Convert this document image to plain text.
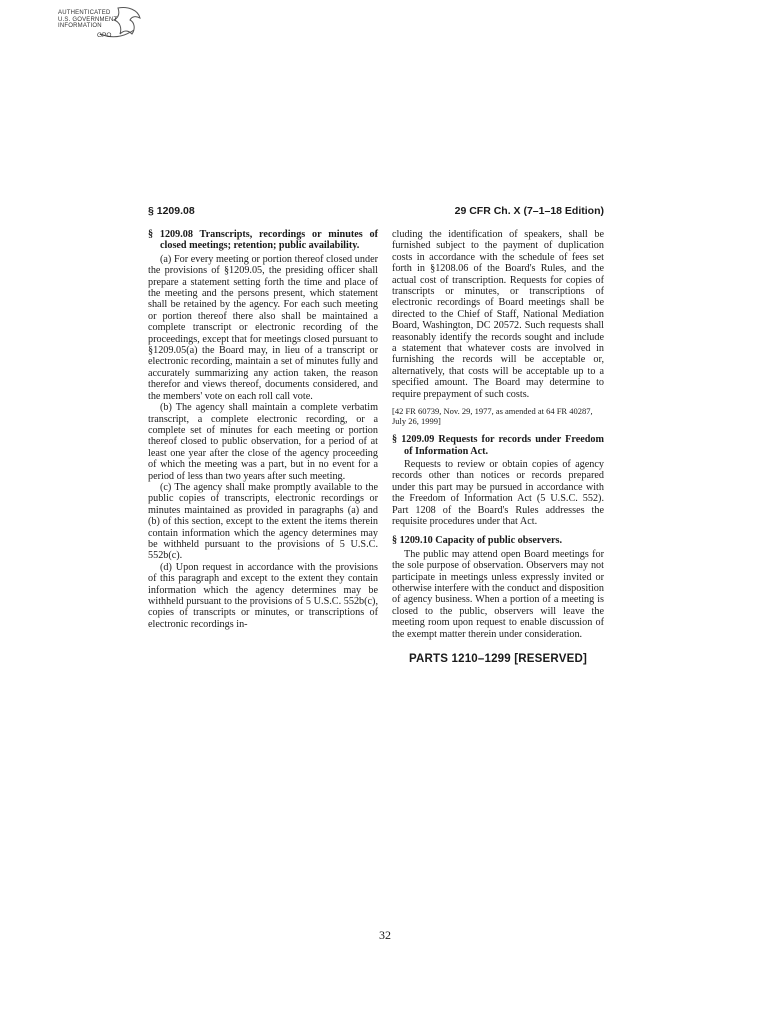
AUTHENTICATED
U.S. GOVERNMENT
INFORMATION
GPO
§ 1209.08	29 CFR Ch. X (7–1–18 Edition)

§ 1209.08 Transcripts, recordings or minutes of closed meetings; retention; public availability.

(a) For every meeting or portion thereof closed under the provisions of §1209.05, the presiding officer shall prepare a statement setting forth the time and place of the meeting and the persons present, which statement shall be retained by the agency. For each such meeting or portion thereof there also shall be maintained a complete transcript or electronic recording of the proceedings, except that for meetings closed pursuant to §1209.05(a) the Board may, in lieu of a transcript or electronic recording, maintain a set of minutes fully and accurately summarizing any action taken, the reason therefor and views thereof, documents considered, and the members' vote on each roll call vote.

(b) The agency shall maintain a complete verbatim transcript, a complete electronic recording, or a complete set of minutes for each meeting or portion thereof closed to public observation, for a period of at least one year after the close of the agency proceeding of which the meeting was a part, but in no event for a period of less than two years after such meeting.

(c) The agency shall make promptly available to the public copies of transcripts, electronic recordings or minutes maintained as provided in paragraphs (a) and (b) of this section, except to the extent the items therein contain information which the agency determines may be withheld pursuant to the provisions of 5 U.S.C. 552b(c).

(d) Upon request in accordance with the provisions of this paragraph and except to the extent they contain information which the agency determines may be withheld pursuant to the provisions of 5 U.S.C. 552b(c), copies of transcripts or minutes, or transcriptions of electronic recordings in-

cluding the identification of speakers, shall be furnished subject to the payment of duplication costs in accordance with the schedule of fees set forth in §1208.06 of the Board's Rules, and the actual cost of transcription. Requests for copies of transcripts or minutes, or transcriptions of electronic recordings of Board meetings shall be directed to the Chief of Staff, National Mediation Board, Washington, DC 20572. Such requests shall reasonably identify the records sought and include a statement that whatever costs are involved in furnishing the records will be acceptable or, alternatively, that costs will be acceptable up to a specified amount. The Board may determine to require prepayment of such costs.

[42 FR 60739, Nov. 29, 1977, as amended at 64 FR 40287, July 26, 1999]

§ 1209.09 Requests for records under Freedom of Information Act.

Requests to review or obtain copies of agency records other than notices or records prepared under this part may be pursued in accordance with the Freedom of Information Act (5 U.S.C. 552). Part 1208 of the Board's Rules addresses the requisite procedures under that Act.

§ 1209.10 Capacity of public observers.

The public may attend open Board meetings for the sole purpose of observation. Observers may not participate in meetings unless expressly invited or otherwise interfere with the conduct and disposition of agency business. When a portion of a meeting is closed to the public, observers will leave the meeting room upon request to enable discussion of the exempt matter therein under consideration.

PARTS 1210–1299 [RESERVED]
32
